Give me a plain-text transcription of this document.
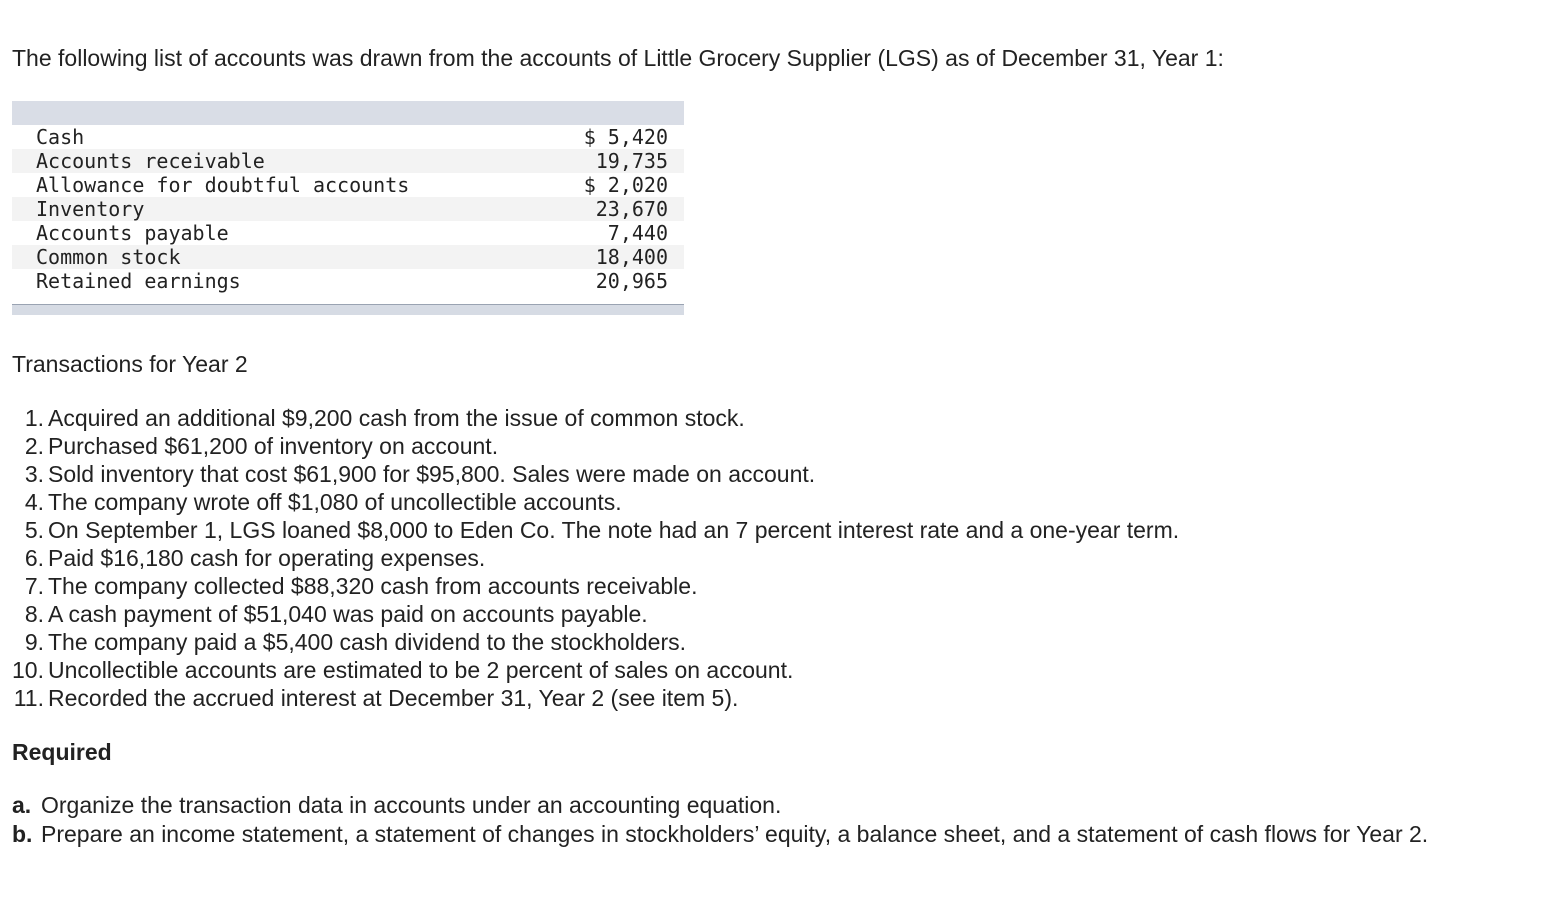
The following list of accounts was drawn from the accounts of Little Grocery Supplier (LGS) as of December 31, Year 1:
Cash	$ 5,420
Accounts receivable	19,735
Allowance for doubtful accounts	$ 2,020
Inventory	23,670
Accounts payable	7,440
Common stock	18,400
Retained earnings	20,965
Transactions for Year 2
1. Acquired an additional $9,200 cash from the issue of common stock.
2. Purchased $61,200 of inventory on account.
3. Sold inventory that cost $61,900 for $95,800. Sales were made on account.
4. The company wrote off $1,080 of uncollectible accounts.
5. On September 1, LGS loaned $8,000 to Eden Co. The note had an 7 percent interest rate and a one-year term.
6. Paid $16,180 cash for operating expenses.
7. The company collected $88,320 cash from accounts receivable.
8. A cash payment of $51,040 was paid on accounts payable.
9. The company paid a $5,400 cash dividend to the stockholders.
10. Uncollectible accounts are estimated to be 2 percent of sales on account.
11. Recorded the accrued interest at December 31, Year 2 (see item 5).
Required
a. Organize the transaction data in accounts under an accounting equation.
b. Prepare an income statement, a statement of changes in stockholders’ equity, a balance sheet, and a statement of cash flows for Year 2.
